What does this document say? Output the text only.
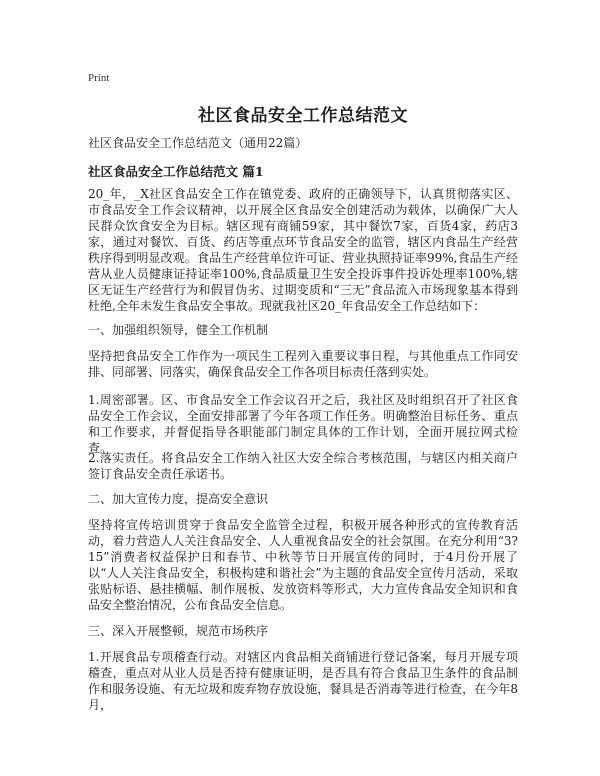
Print
社区食品安全工作总结范文
社区食品安全工作总结范文（通用22篇）
社区食品安全工作总结范文 篇1

20_年，_X社区食品安全工作在镇党委、政府的正确领导下，认真贯彻落实区、市食品安全工作会议精神，以开展全区食品安全创建活动为载体，以确保广大人民群众饮食安全为目标。辖区现有商铺59家，其中餐饮7家，百货4家，药店3家，通过对餐饮、百货、药店等重点环节食品安全的监管，辖区内食品生产经营秩序得到明显改观。食品生产经营单位许可证、营业执照持证率99%,食品生产经营从业人员健康证持证率100%,食品质量卫生安全投诉事件投诉处理率100%,辖区无证生产经营行为和假冒伪劣、过期变质和“三无”食品流入市场现象基本得到杜绝,全年未发生食品安全事故。现就我社区20_年食品安全工作总结如下：

一、加强组织领导，健全工作机制

坚持把食品安全工作作为一项民生工程列入重要议事日程，与其他重点工作同安排、同部署、同落实，确保食品安全工作各项目标责任落到实处。

1.周密部署。区、市食品安全工作会议召开之后，我社区及时组织召开了社区食品安全工作会议，全面安排部署了今年各项工作任务。明确整治目标任务、重点和工作要求，并督促指导各职能部门制定具体的工作计划，全面开展拉网式检查。

2.落实责任。将食品安全工作纳入社区大安全综合考核范围，与辖区内相关商户签订食品安全责任承诺书。

二、加大宣传力度，提高安全意识

坚持将宣传培训贯穿于食品安全监管全过程，积极开展各种形式的宣传教育活动，着力营造人人关注食品安全、人人重视食品安全的社会氛围。在充分利用“3?15”消费者权益保护日和春节、中秋等节日开展宣传的同时，于4月份开展了以“人人关注食品安全，积极构建和谐社会”为主题的食品安全宣传月活动，采取张贴标语、悬挂横幅、制作展板、发放资料等形式，大力宣传食品安全知识和食品安全整治情况，公布食品安全信息。

三、深入开展整顿，规范市场秩序

1.开展食品专项稽查行动。对辖区内食品相关商铺进行登记备案，每月开展专项稽查，重点对从业人员是否持有健康证明，是否具有符合食品卫生条件的食品制作和服务设施、有无垃圾和废弃物存放设施，餐具是否消毒等进行检查，在今年8月，
